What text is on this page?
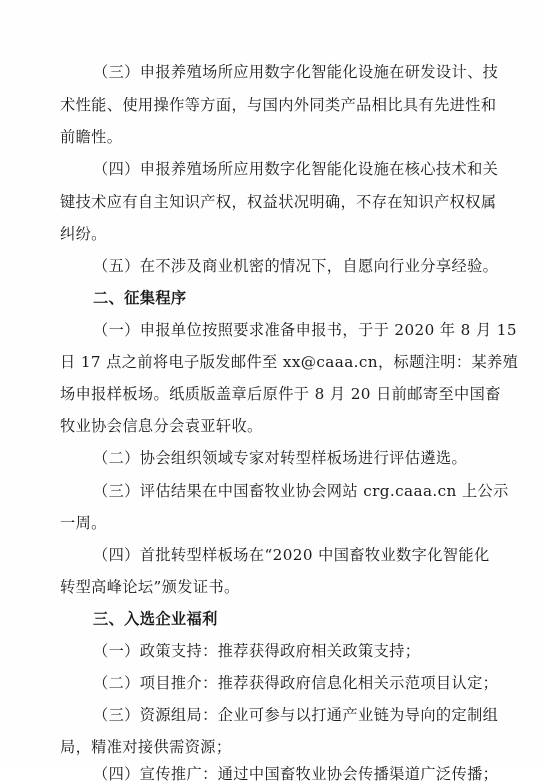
（三）申报养殖场所应用数字化智能化设施在研发设计、技
术性能、使用操作等方面，与国内外同类产品相比具有先进性和
前瞻性。
（四）申报养殖场所应用数字化智能化设施在核心技术和关
键技术应有自主知识产权，权益状况明确，不存在知识产权权属
纠纷。
（五）在不涉及商业机密的情况下，自愿向行业分享经验。
二、征集程序
（一）申报单位按照要求准备申报书，于于 2020 年 8 月 15
日 17 点之前将电子版发邮件至 xx@caaa.cn，标题注明：某养殖
场申报样板场。纸质版盖章后原件于 8 月 20 日前邮寄至中国畜
牧业协会信息分会袁亚轩收。
（二）协会组织领域专家对转型样板场进行评估遴选。
（三）评估结果在中国畜牧业协会网站 crg.caaa.cn 上公示
一周。
（四）首批转型样板场在“2020 中国畜牧业数字化智能化
转型高峰论坛”颁发证书。
三、入选企业福利
（一）政策支持：推荐获得政府相关政策支持；
（二）项目推介：推荐获得政府信息化相关示范项目认定；
（三）资源组局：企业可参与以打通产业链为导向的定制组
局，精准对接供需资源；
（四）宣传推广：通过中国畜牧业协会传播渠道广泛传播；
